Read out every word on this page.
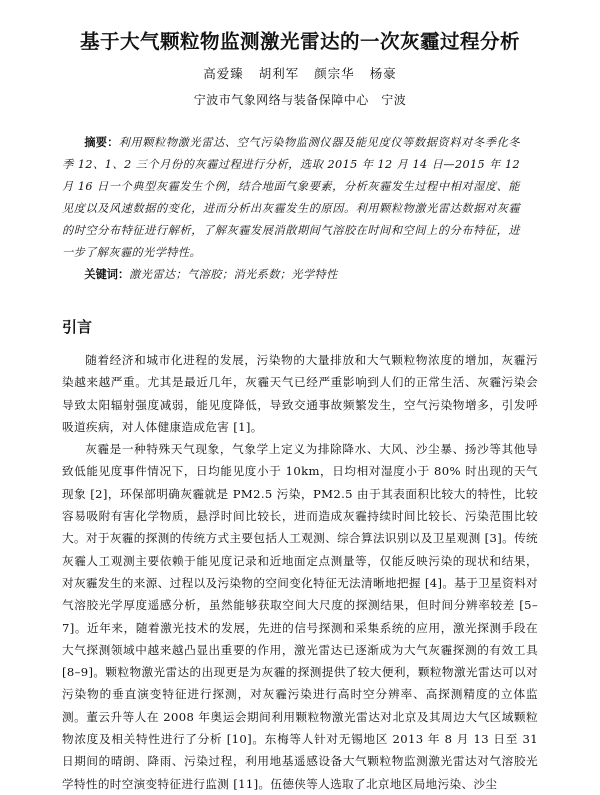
基于大气颗粒物监测激光雷达的一次灰霾过程分析
高爱臻 胡利军 颜宗华 杨豪
宁波市气象网络与装备保障中心　宁波
摘要：利用颗粒物激光雷达、空气污染物监测仪器及能见度仪等数据资料对冬季化冬季 12、1、2 三个月份的灰霾过程进行分析，选取 2015 年 12 月 14 日—2015 年 12 月 16 日一个典型灰霾发生个例，结合地面气象要素，分析灰霾发生过程中相对湿度、能见度以及风速数据的变化，进而分析出灰霾发生的原因。利用颗粒物激光雷达数据对灰霾的时空分布特征进行解析，了解灰霾发展消散期间气溶胶在时间和空间上的分布特征，进一步了解灰霾的光学特性。
关键词：激光雷达；气溶胶；消光系数；光学特性
引言

随着经济和城市化进程的发展，污染物的大量排放和大气颗粒物浓度的增加，灰霾污染越来越严重。尤其是最近几年，灰霾天气已经严重影响到人们的正常生活、灰霾污染会导致太阳辐射强度减弱，能见度降低，导致交通事故频繁发生，空气污染物增多，引发呼吸道疾病，对人体健康造成危害 [1]。

灰霾是一种特殊天气现象，气象学上定义为排除降水、大风、沙尘暴、扬沙等其他导致低能见度事件情况下，日均能见度小于 10km，日均相对湿度小于 80% 时出现的天气现象 [2]，环保部明确灰霾就是 PM2.5 污染，PM2.5 由于其表面积比较大的特性，比较容易吸附有害化学物质，悬浮时间比较长，进而造成灰霾持续时间比较长、污染范围比较大。对于灰霾的探测的传统方式主要包括人工观测、综合算法识别以及卫星观测 [3]。传统灰霾人工观测主要依赖于能见度记录和近地面定点测量等，仅能反映污染的现状和结果，对灰霾发生的来源、过程以及污染物的空间变化特征无法清晰地把握 [4]。基于卫星资料对气溶胶光学厚度遥感分析，虽然能够获取空间大尺度的探测结果，但时间分辨率较差 [5–7]。近年来，随着激光技术的发展，先进的信号探测和采集系统的应用，激光探测手段在大气探测领域中越来越凸显出重要的作用，激光雷达已逐渐成为大气灰霾探测的有效工具 [8–9]。颗粒物激光雷达的出现更是为灰霾的探测提供了较大便利，颗粒物激光雷达可以对污染物的垂直演变特征进行探测，对灰霾污染进行高时空分辨率、高探测精度的立体监测。董云升等人在 2008 年奥运会期间利用颗粒物激光雷达对北京及其周边大气区域颗粒物浓度及相关特性进行了分析 [10]。东梅等人针对无锡地区 2013 年 8 月 13 日至 31 日期间的晴朗、降雨、污染过程，利用地基遥感设备大气颗粒物监测激光雷达对气溶胶光学特性的时空演变特征进行监测 [11]。伍德侠等人选取了北京地区局地污染、沙尘
